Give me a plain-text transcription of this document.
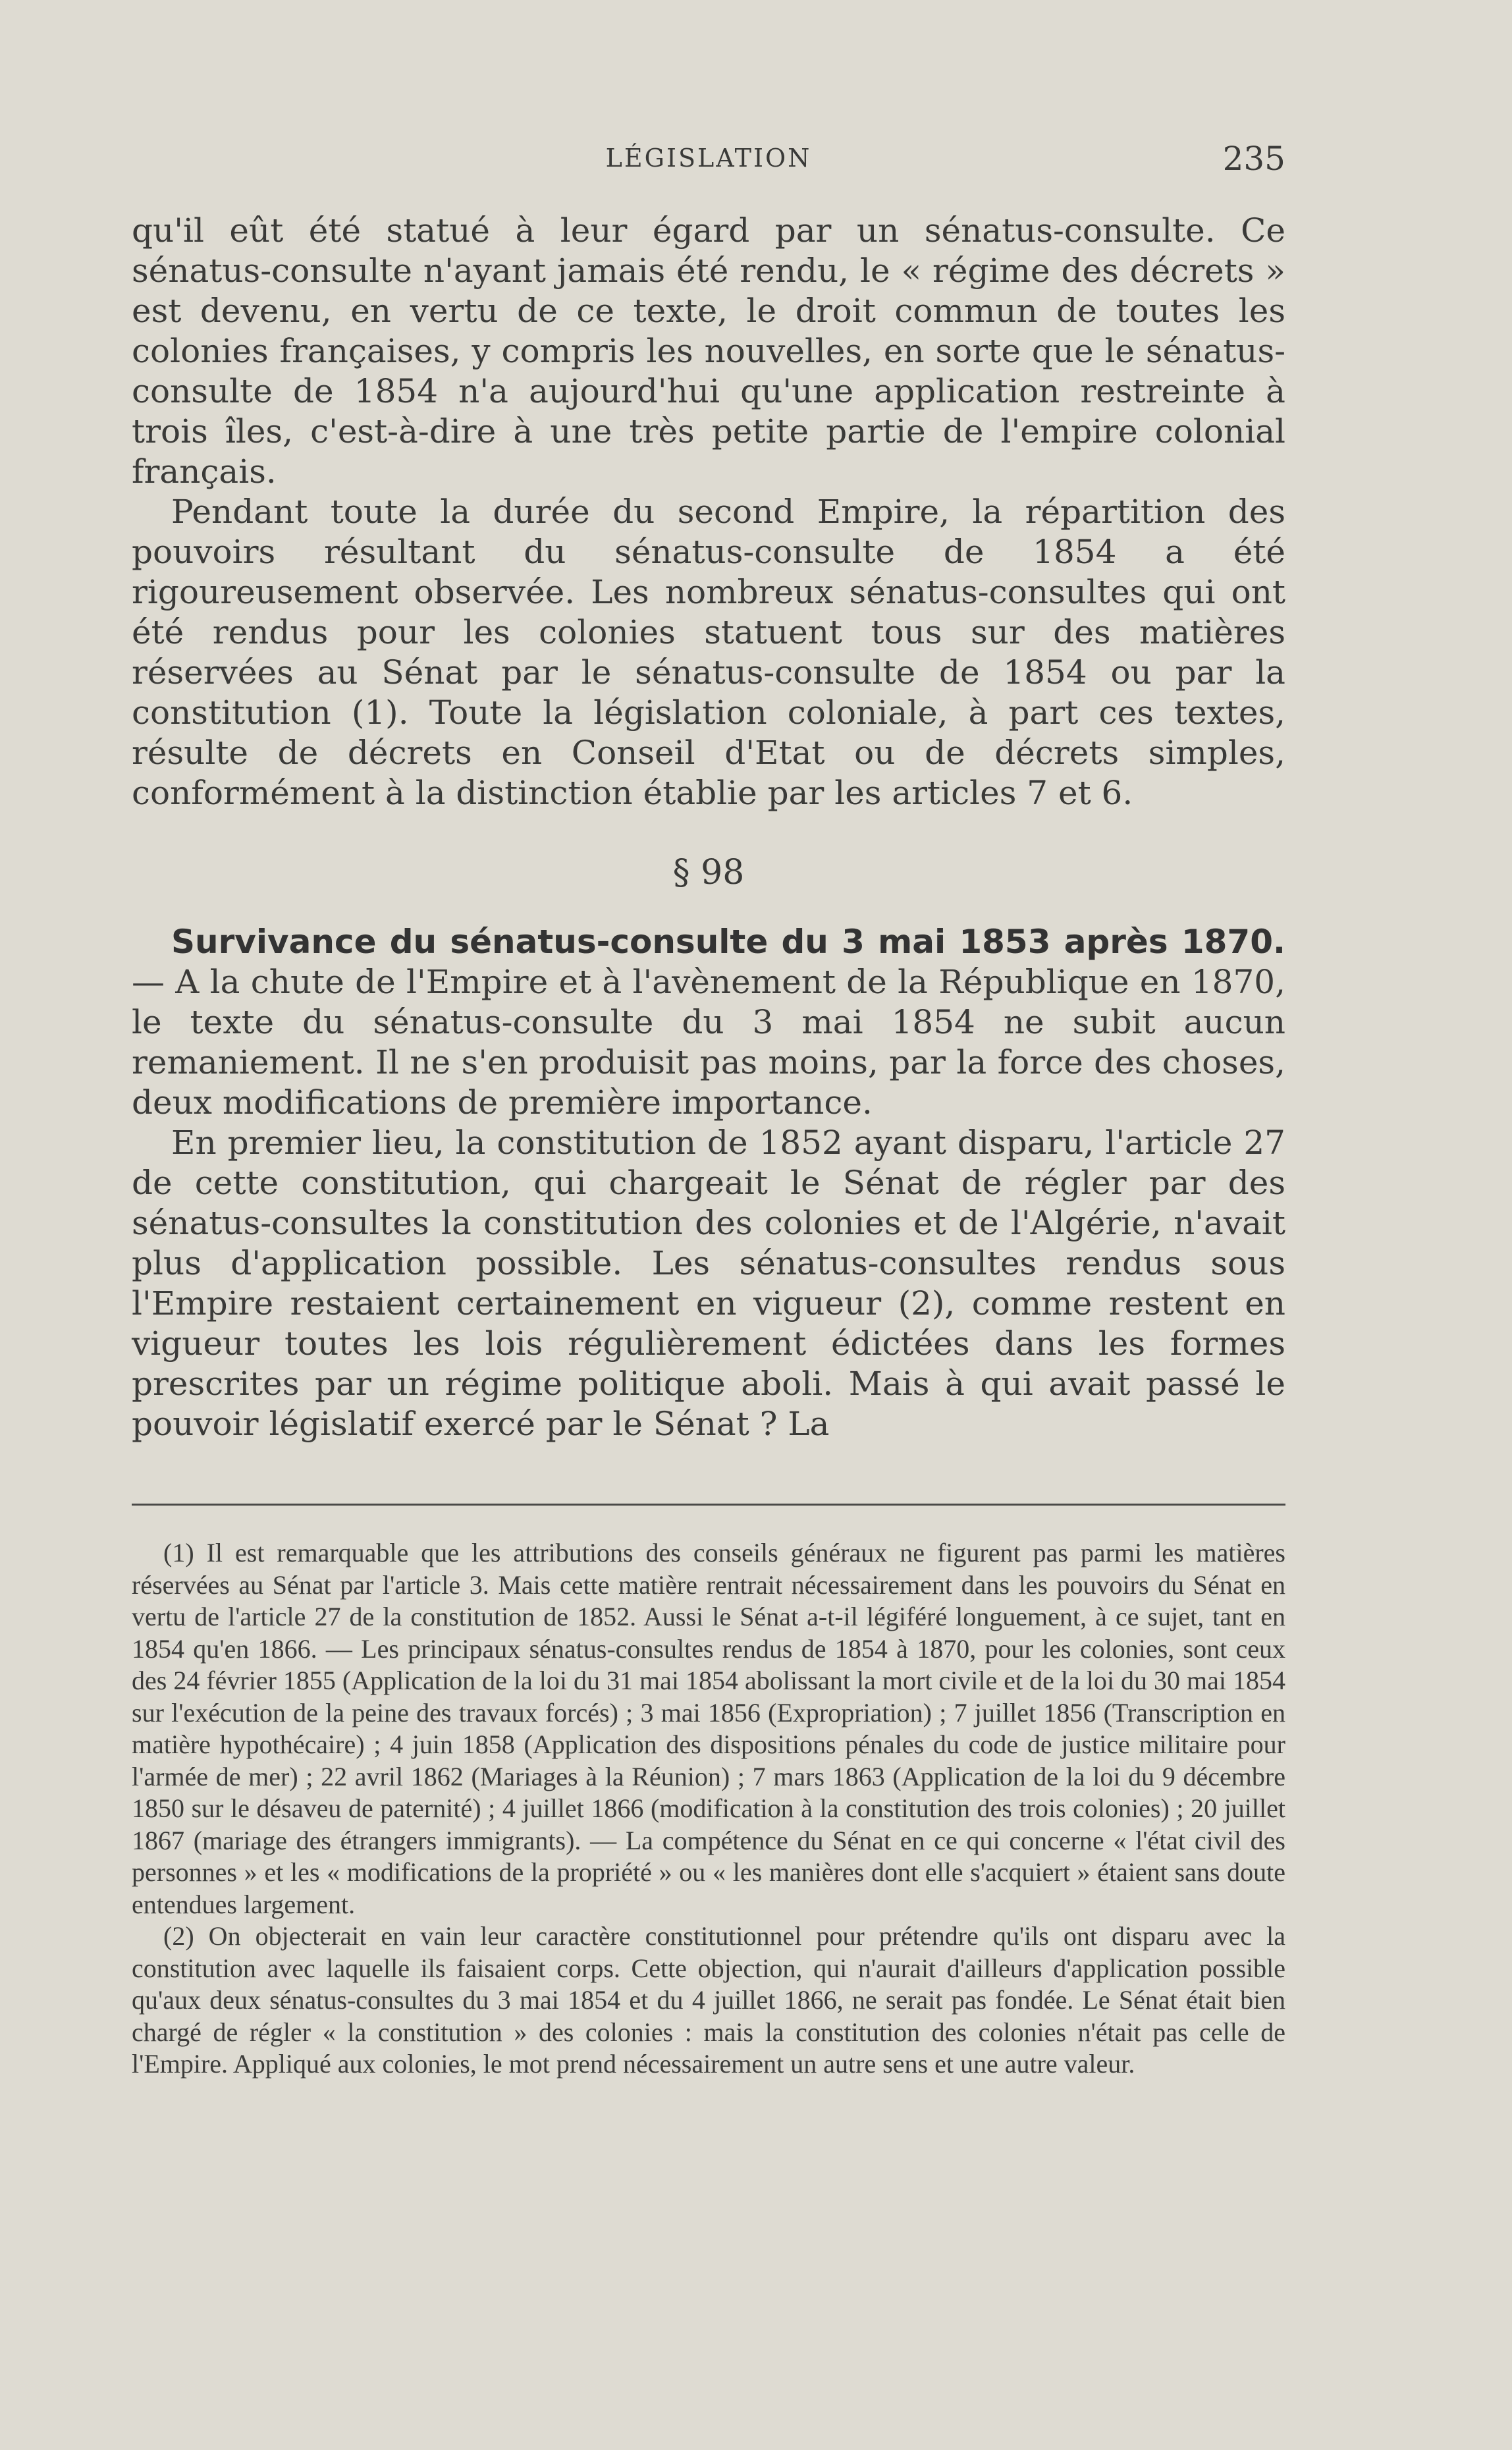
LÉGISLATION	235

qu'il eût été statué à leur égard par un sénatus-consulte. Ce sénatus-consulte n'ayant jamais été rendu, le « régime des décrets » est devenu, en vertu de ce texte, le droit commun de toutes les colonies françaises, y compris les nouvelles, en sorte que le sénatus-consulte de 1854 n'a aujourd'hui qu'une application restreinte à trois îles, c'est-à-dire à une très petite partie de l'empire colonial français.

Pendant toute la durée du second Empire, la répartition des pouvoirs résultant du sénatus-consulte de 1854 a été rigoureusement observée. Les nombreux sénatus-consultes qui ont été rendus pour les colonies statuent tous sur des matières réservées au Sénat par le sénatus-consulte de 1854 ou par la constitution (1). Toute la législation coloniale, à part ces textes, résulte de décrets en Conseil d'Etat ou de décrets simples, conformément à la distinction établie par les articles 7 et 6.

§ 98

Survivance du sénatus-consulte du 3 mai 1853 après 1870. — A la chute de l'Empire et à l'avènement de la République en 1870, le texte du sénatus-consulte du 3 mai 1854 ne subit aucun remaniement. Il ne s'en produisit pas moins, par la force des choses, deux modifications de première importance.

En premier lieu, la constitution de 1852 ayant disparu, l'article 27 de cette constitution, qui chargeait le Sénat de régler par des sénatus-consultes la constitution des colonies et de l'Algérie, n'avait plus d'application possible. Les sénatus-consultes rendus sous l'Empire restaient certainement en vigueur (2), comme restent en vigueur toutes les lois régulièrement édictées dans les formes prescrites par un régime politique aboli. Mais à qui avait passé le pouvoir législatif exercé par le Sénat ? La

(1) Il est remarquable que les attributions des conseils généraux ne figurent pas parmi les matières réservées au Sénat par l'article 3. Mais cette matière rentrait nécessairement dans les pouvoirs du Sénat en vertu de l'article 27 de la constitution de 1852. Aussi le Sénat a-t-il légiféré longuement, à ce sujet, tant en 1854 qu'en 1866. — Les principaux sénatus-consultes rendus de 1854 à 1870, pour les colonies, sont ceux des 24 février 1855 (Application de la loi du 31 mai 1854 abolissant la mort civile et de la loi du 30 mai 1854 sur l'exécution de la peine des travaux forcés) ; 3 mai 1856 (Expropriation) ; 7 juillet 1856 (Transcription en matière hypothécaire) ; 4 juin 1858 (Application des dispositions pénales du code de justice militaire pour l'armée de mer) ; 22 avril 1862 (Mariages à la Réunion) ; 7 mars 1863 (Application de la loi du 9 décembre 1850 sur le désaveu de paternité) ; 4 juillet 1866 (modification à la constitution des trois colonies) ; 20 juillet 1867 (mariage des étrangers immigrants). — La compétence du Sénat en ce qui concerne « l'état civil des personnes » et les « modifications de la propriété » ou « les manières dont elle s'acquiert » étaient sans doute entendues largement.

(2) On objecterait en vain leur caractère constitutionnel pour prétendre qu'ils ont disparu avec la constitution avec laquelle ils faisaient corps. Cette objection, qui n'aurait d'ailleurs d'application possible qu'aux deux sénatus-consultes du 3 mai 1854 et du 4 juillet 1866, ne serait pas fondée. Le Sénat était bien chargé de régler « la constitution » des colonies : mais la constitution des colonies n'était pas celle de l'Empire. Appliqué aux colonies, le mot prend nécessairement un autre sens et une autre valeur.
